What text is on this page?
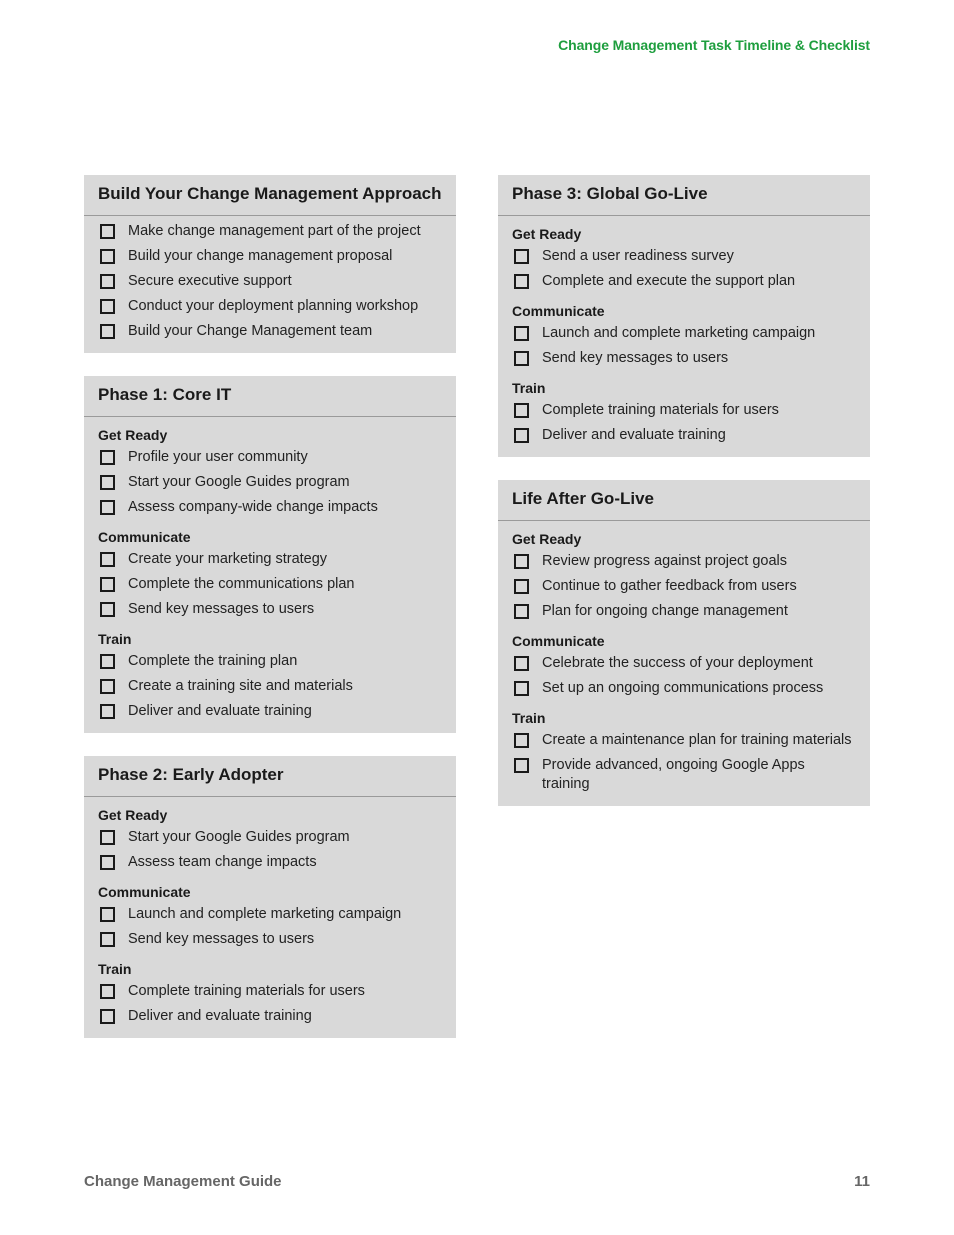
Change Management Task Timeline & Checklist
Build Your Change Management Approach
Make change management part of the project
Build your change management proposal
Secure executive support
Conduct your deployment planning workshop
Build your Change Management team
Phase 1: Core IT
Get Ready
Profile your user community
Start your Google Guides program
Assess company-wide change impacts
Communicate
Create your marketing strategy
Complete the communications plan
Send key messages to users
Train
Complete the training plan
Create a training site and materials
Deliver and evaluate training
Phase 2: Early Adopter
Get Ready
Start your Google Guides program
Assess team change impacts
Communicate
Launch and complete marketing campaign
Send key messages to users
Train
Complete training materials for users
Deliver and evaluate training
Phase 3: Global Go-Live
Get Ready
Send a user readiness survey
Complete and execute the support plan
Communicate
Launch and complete marketing campaign
Send key messages to users
Train
Complete training materials for users
Deliver and evaluate training
Life After Go-Live
Get Ready
Review progress against project goals
Continue to gather feedback from users
Plan for ongoing change management
Communicate
Celebrate the success of your deployment
Set up an ongoing communications process
Train
Create a maintenance plan for training materials
Provide advanced, ongoing Google Apps training
Change Management Guide	11
